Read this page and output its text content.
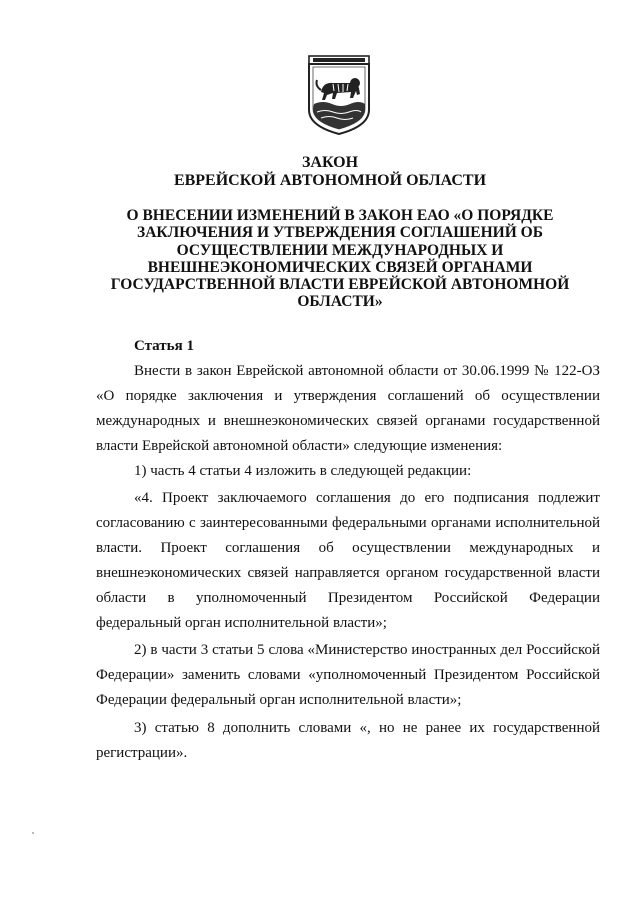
ЗАКОН
ЕВРЕЙСКОЙ АВТОНОМНОЙ ОБЛАСТИ
О ВНЕСЕНИИ ИЗМЕНЕНИЙ В ЗАКОН ЕАО «О ПОРЯДКЕ ЗАКЛЮЧЕНИЯ И УТВЕРЖДЕНИЯ СОГЛАШЕНИЙ ОБ ОСУЩЕСТВЛЕНИИ МЕЖДУНАРОДНЫХ И ВНЕШНЕЭКОНОМИЧЕСКИХ СВЯЗЕЙ ОРГАНАМИ ГОСУДАРСТВЕННОЙ ВЛАСТИ ЕВРЕЙСКОЙ АВТОНОМНОЙ ОБЛАСТИ»
Статья 1
Внести в закон Еврейской автономной области от 30.06.1999 № 122-ОЗ «О порядке заключения и утверждения соглашений об осуществлении международных и внешнеэкономических связей органами государственной власти Еврейской автономной области» следующие изменения:
1) часть 4 статьи 4 изложить в следующей редакции:
«4. Проект заключаемого соглашения до его подписания подлежит согласованию с заинтересованными федеральными органами исполнительной власти. Проект соглашения об осуществлении международных и внешнеэкономических связей направляется органом государственной власти области в уполномоченный Президентом Российской Федерации федеральный орган исполнительной власти»;
2) в части 3 статьи 5 слова «Министерство иностранных дел Российской Федерации» заменить словами «уполномоченный Президентом Российской Федерации федеральный орган исполнительной власти»;
3) статью 8 дополнить словами «, но не ранее их государственной регистрации».
